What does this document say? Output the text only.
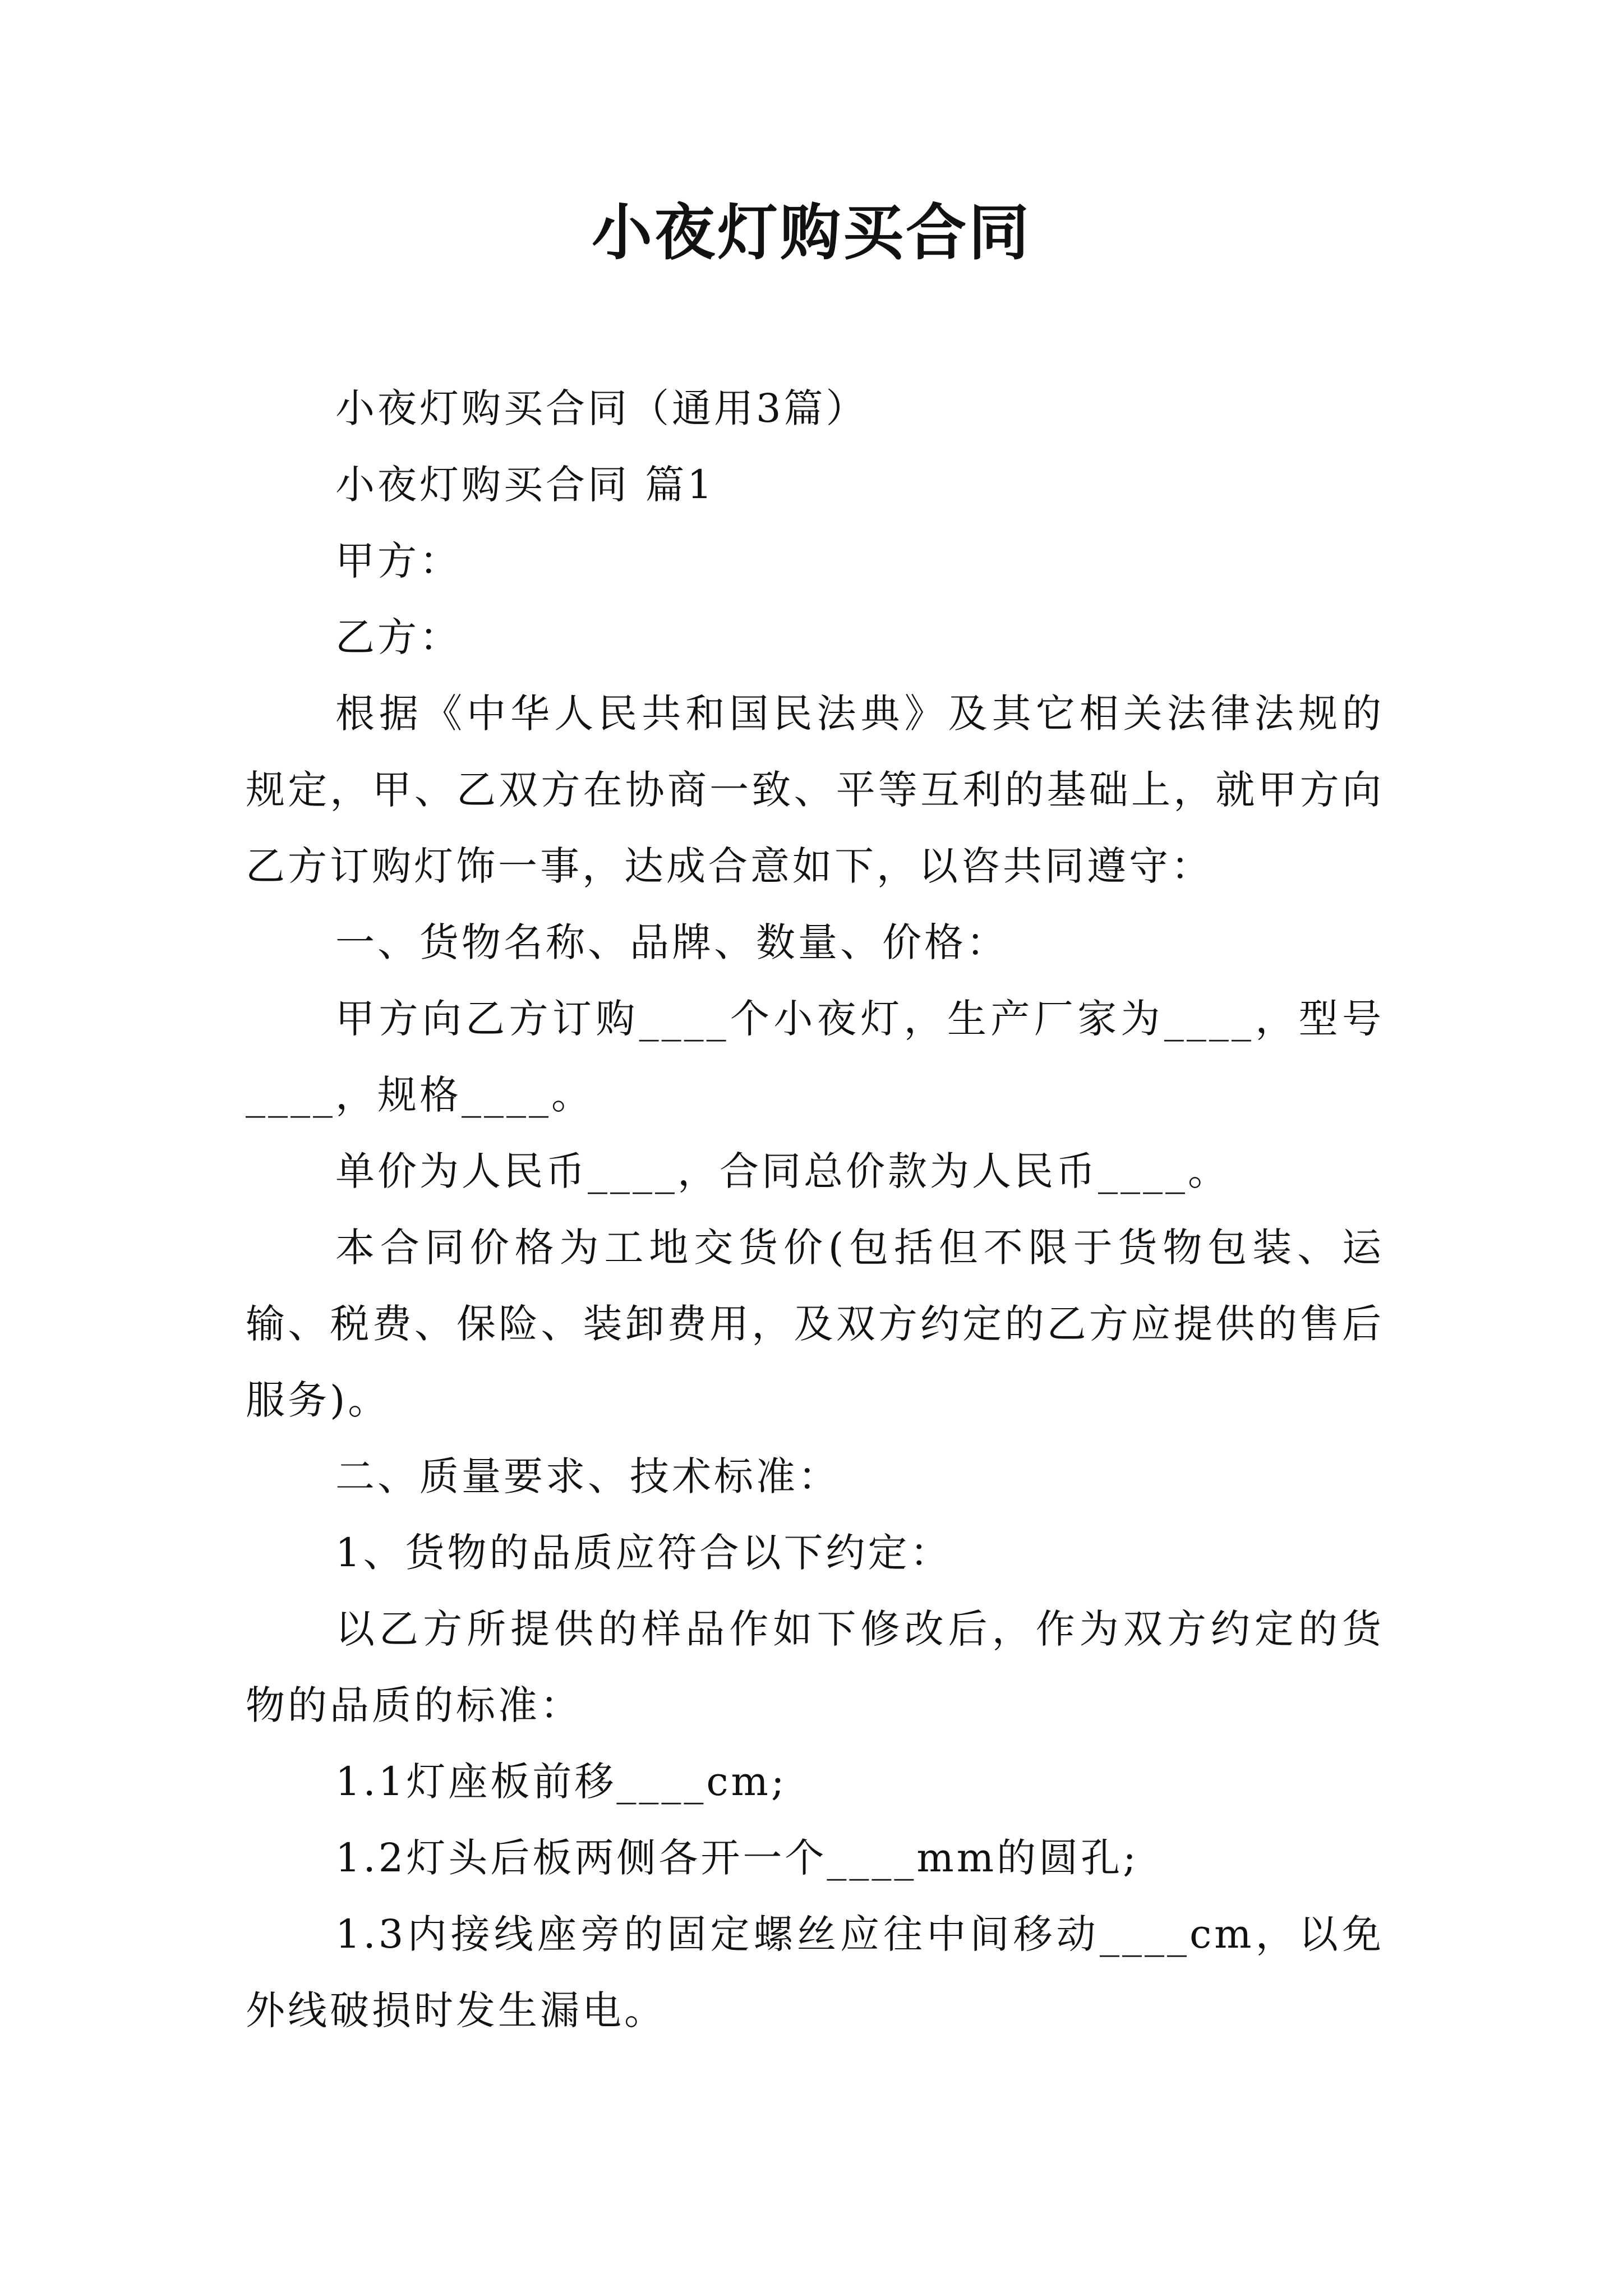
小夜灯购买合同

小夜灯购买合同（通用3篇）

小夜灯购买合同 篇1

甲方：

乙方：

根据《中华人民共和国民法典》及其它相关法律法规的规定，甲、乙双方在协商一致、平等互利的基础上，就甲方向乙方订购灯饰一事，达成合意如下，以咨共同遵守：

一、货物名称、品牌、数量、价格：

甲方向乙方订购____个小夜灯，生产厂家为____，型号____，规格____。

单价为人民币____，合同总价款为人民币____。

本合同价格为工地交货价(包括但不限于货物包装、运输、税费、保险、装卸费用，及双方约定的乙方应提供的售后服务)。

二、质量要求、技术标准：

1、货物的品质应符合以下约定：

以乙方所提供的样品作如下修改后，作为双方约定的货物的品质的标准：

1.1灯座板前移____cm;

1.2灯头后板两侧各开一个____mm的圆孔;

1.3内接线座旁的固定螺丝应往中间移动____cm，以免外线破损时发生漏电。
